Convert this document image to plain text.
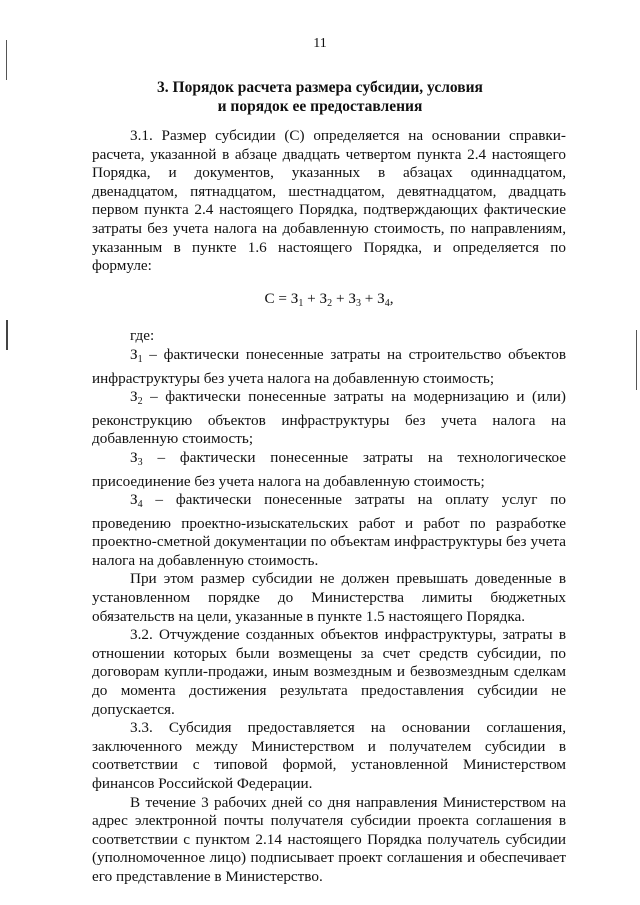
11
3. Порядок расчета размера субсидии, условия
и порядок ее предоставления

3.1. Размер субсидии (С) определяется на основании справки-расчета, указанной в абзаце двадцать четвертом пункта 2.4 настоящего Порядка, и документов, указанных в абзацах одиннадцатом, двенадцатом, пятнадцатом, шестнадцатом, девятнадцатом, двадцать первом пункта 2.4 настоящего Порядка, подтверждающих фактические затраты без учета налога на добавленную стоимость, по направлениям, указанным в пункте 1.6 настоящего Порядка, и определяется по формуле:

$С = З_1 + З_2 + З_3 + З_4$,

где:

$З_1$ – фактически понесенные затраты на строительство объектов инфраструктуры без учета налога на добавленную стоимость;

$З_2$ – фактически понесенные затраты на модернизацию и (или) реконструкцию объектов инфраструктуры без учета налога на добавленную стоимость;

$З_3$ – фактически понесенные затраты на технологическое присоединение без учета налога на добавленную стоимость;

$З_4$ – фактически понесенные затраты на оплату услуг по проведению проектно-изыскательских работ и работ по разработке проектно-сметной документации по объектам инфраструктуры без учета налога на добавленную стоимость.

При этом размер субсидии не должен превышать доведенные в установленном порядке до Министерства лимиты бюджетных обязательств на цели, указанные в пункте 1.5 настоящего Порядка.

3.2. Отчуждение созданных объектов инфраструктуры, затраты в отношении которых были возмещены за счет средств субсидии, по договорам купли-продажи, иным возмездным и безвозмездным сделкам до момента достижения результата предоставления субсидии не допускается.

3.3. Субсидия предоставляется на основании соглашения, заключенного между Министерством и получателем субсидии в соответствии с типовой формой, установленной Министерством финансов Российской Федерации.

В течение 3 рабочих дней со дня направления Министерством на адрес электронной почты получателя субсидии проекта соглашения в соответствии с пунктом 2.14 настоящего Порядка получатель субсидии (уполномоченное лицо) подписывает проект соглашения и обеспечивает его представление в Министерство.
